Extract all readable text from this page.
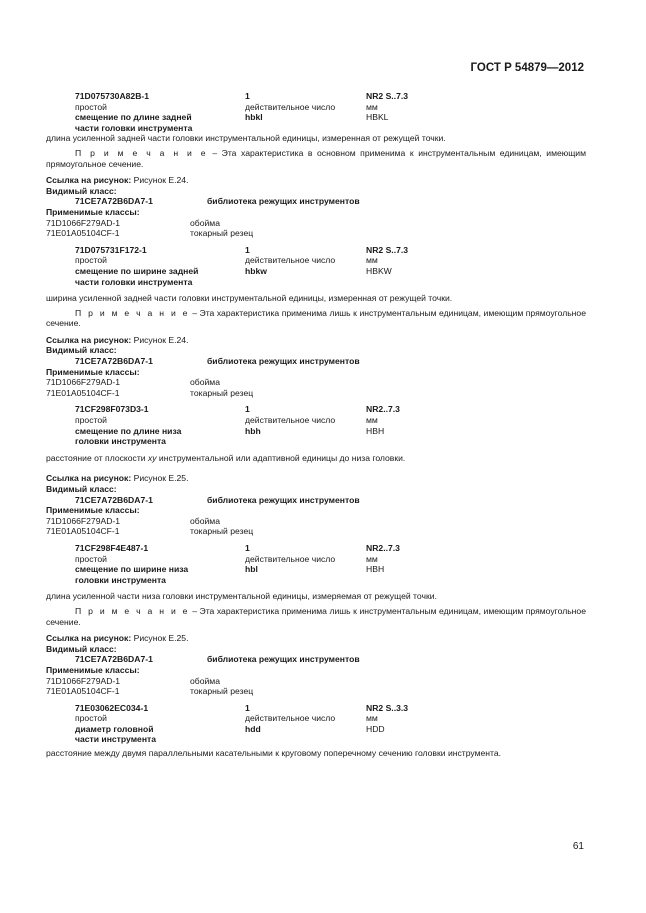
ГОСТ Р 54879—2012
71D075730A82B-1	1	NR2 S..7.3
простой	действительное число	мм
смещение по длине задней	hbkl	HBKL
части головки инструмента
длина усиленной задней части головки инструментальной единицы, измеренная от режущей точки.
П р и м е ч а н и е – Эта характеристика в основном применима к инструментальным единицам, имеющим прямоугольное сечение.
Ссылка на рисунок: Рисунок Е.24.
Видимый класс:
71CE7A72B6DA7-1	библиотека режущих инструментов
Применимые классы:
71D1066F279AD-1	обойма
71E01A05104CF-1	токарный резец
71D075731F172-1	1	NR2 S..7.3
простой	действительное число	мм
смещение по ширине задней	hbkw	HBKW
части головки инструмента
ширина усиленной задней части головки инструментальной единицы, измеренная от режущей точки.
П р и м е ч а н и е – Эта характеристика применима лишь к инструментальным единицам, имеющим прямоугольное сечение.
Ссылка на рисунок: Рисунок Е.24.
Видимый класс:
71CE7A72B6DA7-1	библиотека режущих инструментов
Применимые классы:
71D1066F279AD-1	обойма
71E01A05104CF-1	токарный резец
71CF298F073D3-1	1	NR2..7.3
простой	действительное число	мм
смещение по длине низа	hbh	HBH
головки инструмента
расстояние от плоскости xy инструментальной или адаптивной единицы до низа головки.
Ссылка на рисунок: Рисунок Е.25.
Видимый класс:
71CE7A72B6DA7-1	библиотека режущих инструментов
Применимые классы:
71D1066F279AD-1	обойма
71E01A05104CF-1	токарный резец
71CF298F4E487-1	1	NR2..7.3
простой	действительное число	мм
смещение по ширине низа	hbl	HBH
головки инструмента
длина усиленной части низа головки инструментальной единицы, измеряемая от режущей точки.
П р и м е ч а н и е – Эта характеристика применима лишь к инструментальным единицам, имеющим прямоугольное сечение.
Ссылка на рисунок: Рисунок Е.25.
Видимый класс:
71CE7A72B6DA7-1	библиотека режущих инструментов
Применимые классы:
71D1066F279AD-1	обойма
71E01A05104CF-1	токарный резец
71E03062EC034-1	1	NR2 S..3.3
простой	действительное число	мм
диаметр головной	hdd	HDD
части инструмента
расстояние между двумя параллельными касательными к круговому поперечному сечению головки инструмента.
61
